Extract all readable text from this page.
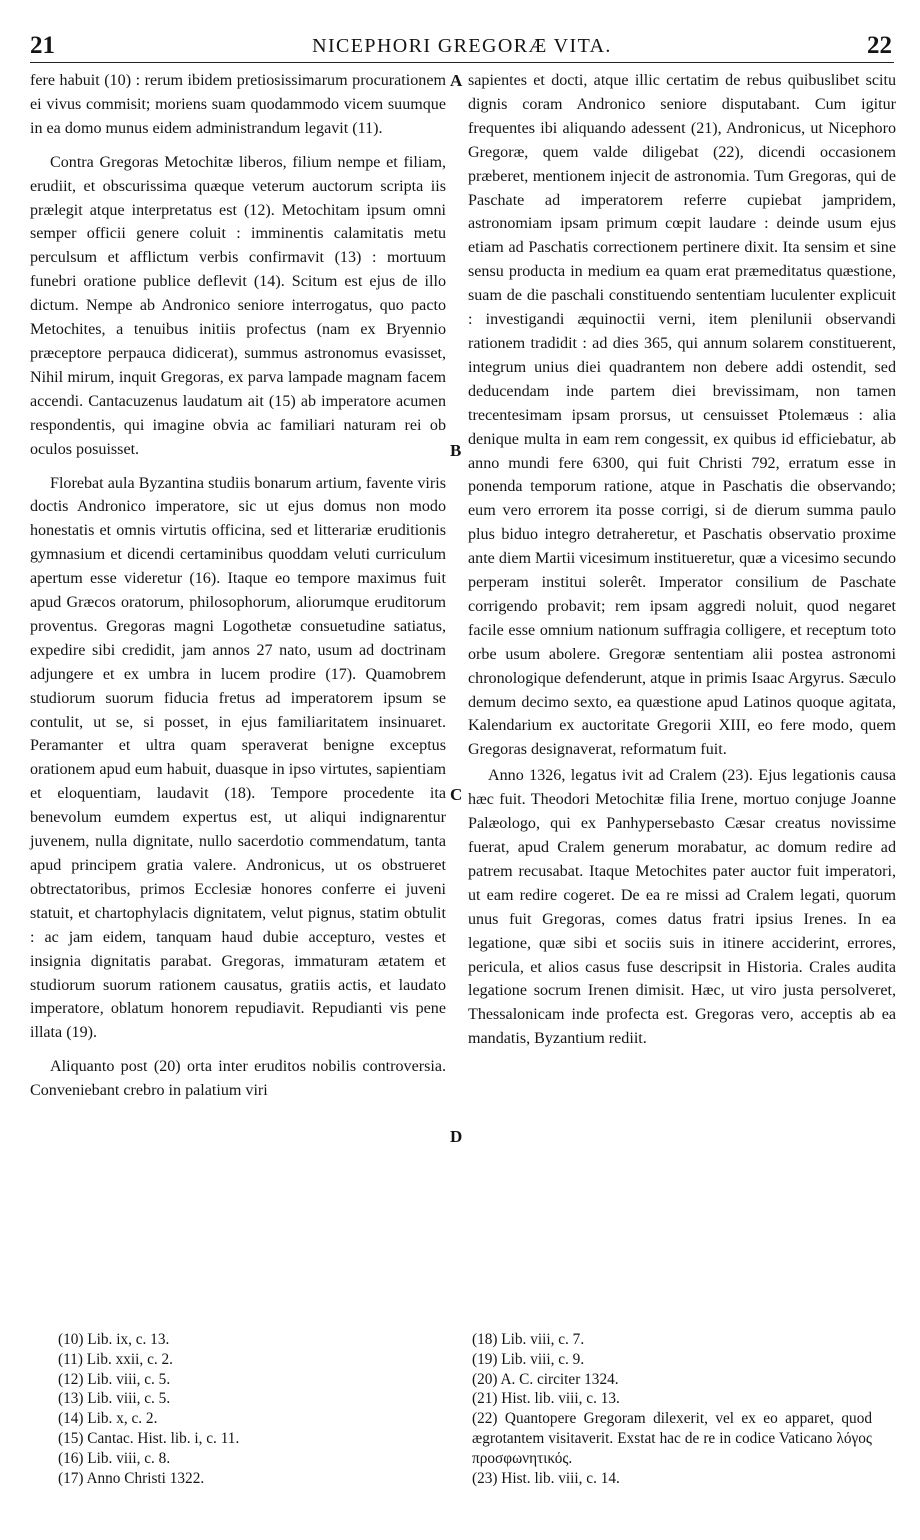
21	NICEPHORI GREGORÆ VITA.	22

fere habuit (10) : rerum ibidem pretiosissimarum procurationem ei vivus commisit; moriens suam quodammodo vicem suumque in ea domo munus eidem administrandum legavit (11).

Contra Gregoras Metochitæ liberos, filium nempe et filiam, erudiit, et obscurissima quæque veterum auctorum scripta iis prælegit atque interpretatus est (12). Metochitam ipsum omni semper officii genere coluit : imminentis calamitatis metu perculsum et afflictum verbis confirmavit (13) : mortuum funebri oratione publice deflevit (14). Scitum est ejus de illo dictum. Nempe ab Andronico seniore interrogatus, quo pacto Metochites, a tenuibus initiis profectus (nam ex Bryennio præceptore perpauca didicerat), summus astronomus evasisset, Nihil mirum, inquit Gregoras, ex parva lampade magnam facem accendi. Cantacuzenus laudatum ait (15) ab imperatore acumen respondentis, qui imagine obvia ac familiari naturam rei ob oculos posuisset.

Florebat aula Byzantina studiis bonarum artium, favente viris doctis Andronico imperatore, sic ut ejus domus non modo honestatis et omnis virtutis officina, sed et litterariæ eruditionis gymnasium et dicendi certaminibus quoddam veluti curriculum apertum esse videretur (16). Itaque eo tempore maximus fuit apud Græcos oratorum, philosophorum, aliorumque eruditorum proventus. Gregoras magni Logothetæ consuetudine satiatus, expedire sibi credidit, jam annos 27 nato, usum ad doctrinam adjungere et ex umbra in lucem prodire (17). Quamobrem studiorum suorum fiducia fretus ad imperatorem ipsum se contulit, ut se, si posset, in ejus familiaritatem insinuaret. Peramanter et ultra quam speraverat benigne exceptus orationem apud eum habuit, duasque in ipso virtutes, sapientiam et eloquentiam, laudavit (18). Tempore procedente ita benevolum eumdem expertus est, ut aliqui indignarentur juvenem, nulla dignitate, nullo sacerdotio commendatum, tanta apud principem gratia valere. Andronicus, ut os obstrueret obtrectatoribus, primos Ecclesiæ honores conferre ei juveni statuit, et chartophylacis dignitatem, velut pignus, statim obtulit : ac jam eidem, tanquam haud dubie accepturo, vestes et insignia dignitatis parabat. Gregoras, immaturam ætatem et studiorum suorum rationem causatus, gratiis actis, et laudato imperatore, oblatum honorem repudiavit. Repudianti vis pene illata (19).

Aliquanto post (20) orta inter eruditos nobilis controversia. Conveniebant crebro in palatium viri

A
B
C
D

sapientes et docti, atque illic certatim de rebus quibuslibet scitu dignis coram Andronico seniore disputabant. Cum igitur frequentes ibi aliquando adessent (21), Andronicus, ut Nicephoro Gregoræ, quem valde diligebat (22), dicendi occasionem præberet, mentionem injecit de astronomia. Tum Gregoras, qui de Paschate ad imperatorem referre cupiebat jampridem, astronomiam ipsam primum cœpit laudare : deinde usum ejus etiam ad Paschatis correctionem pertinere dixit. Ita sensim et sine sensu producta in medium ea quam erat præmeditatus quæstione, suam de die paschali constituendo sententiam luculenter explicuit : investigandi æquinoctii verni, item plenilunii observandi rationem tradidit : ad dies 365, qui annum solarem constituerent, integrum unius diei quadrantem non debere addi ostendit, sed deducendam inde partem diei brevissimam, non tamen trecentesimam ipsam prorsus, ut censuisset Ptolemæus : alia denique multa in eam rem congessit, ex quibus id efficiebatur, ab anno mundi fere 6300, qui fuit Christi 792, erratum esse in ponenda temporum ratione, atque in Paschatis die observando; eum vero errorem ita posse corrigi, si de dierum summa paulo plus biduo integro detraheretur, et Paschatis observatio proxime ante diem Martii vicesimum institueretur, quæ a vicesimo secundo perperam institui solerêt. Imperator consilium de Paschate corrigendo probavit; rem ipsam aggredi noluit, quod negaret facile esse omnium nationum suffragia colligere, et receptum toto orbe usum abolere. Gregoræ sententiam alii postea astronomi chronologique defenderunt, atque in primis Isaac Argyrus. Sæculo demum decimo sexto, ea quæstione apud Latinos quoque agitata, Kalendarium ex auctoritate Gregorii XIII, eo fere modo, quem Gregoras designaverat, reformatum fuit.

Anno 1326, legatus ivit ad Cralem (23). Ejus legationis causa hæc fuit. Theodori Metochitæ filia Irene, mortuo conjuge Joanne Palæologo, qui ex Panhypersebasto Cæsar creatus novissime fuerat, apud Cralem generum morabatur, ac domum redire ad patrem recusabat. Itaque Metochites pater auctor fuit imperatori, ut eam redire cogeret. De ea re missi ad Cralem legati, quorum unus fuit Gregoras, comes datus fratri ipsius Irenes. In ea legatione, quæ sibi et sociis suis in itinere acciderint, errores, pericula, et alios casus fuse descripsit in Historia. Crales audita legatione socrum Irenen dimisit. Hæc, ut viro justa persolveret, Thessalonicam inde profecta est. Gregoras vero, acceptis ab ea mandatis, Byzantium rediit.

(10) Lib. ix, c. 13.
(11) Lib. xxii, c. 2.
(12) Lib. viii, c. 5.
(13) Lib. viii, c. 5.
(14) Lib. x, c. 2.
(15) Cantac. Hist. lib. i, c. 11.
(16) Lib. viii, c. 8.
(17) Anno Christi 1322.
(18) Lib. viii, c. 7.
(19) Lib. viii, c. 9.
(20) A. C. circiter 1324.
(21) Hist. lib. viii, c. 13.
(22) Quantopere Gregoram dilexerit, vel ex eo apparet, quod ægrotantem visitaverit. Exstat hac de re in codice Vaticano λόγος προσφωνητικός.
(23) Hist. lib. viii, c. 14.
